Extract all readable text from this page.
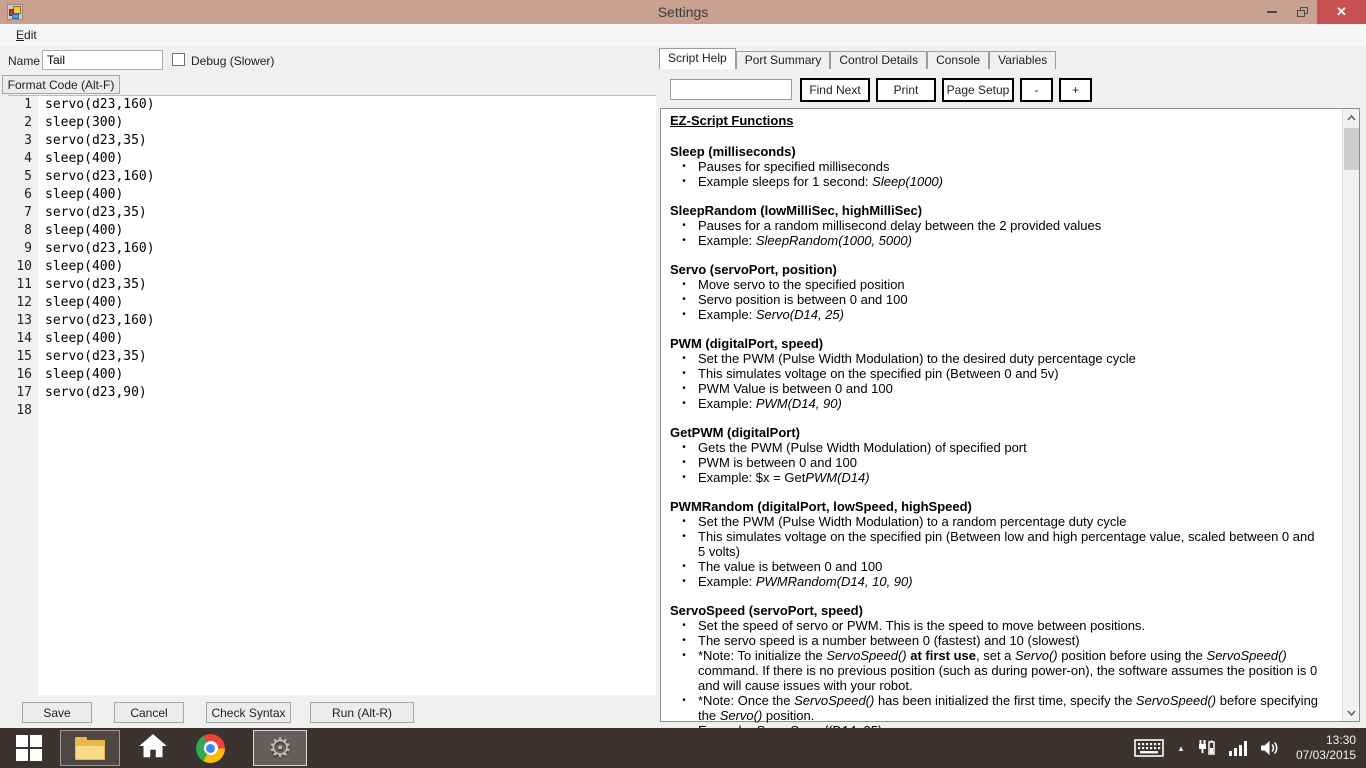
Settings	✕
Edit
Name
Tail	Debug (Slower)
Format Code (Alt-F)
1	servo(d23,160)
2	sleep(300)
3	servo(d23,35)
4	sleep(400)
5	servo(d23,160)
6	sleep(400)
7	servo(d23,35)
8	sleep(400)
9	servo(d23,160)
10	sleep(400)
11	servo(d23,35)
12	sleep(400)
13	servo(d23,160)
14	sleep(400)
15	servo(d23,35)
16	sleep(400)
17	servo(d23,90)
18
Save	Cancel	Check Syntax	Run (Alt-R)
Script Help	Port Summary	Control Details	Console	Variables
Find Next	Print	Page Setup	-	+
EZ-Script Functions
Sleep (milliseconds)
• Pauses for specified milliseconds
• Example sleeps for 1 second: Sleep(1000)
SleepRandom (lowMilliSec, highMilliSec)
• Pauses for a random millisecond delay between the 2 provided values
• Example: SleepRandom(1000, 5000)
Servo (servoPort, position)
• Move servo to the specified position
• Servo position is between 0 and 100
• Example: Servo(D14, 25)
PWM (digitalPort, speed)
• Set the PWM (Pulse Width Modulation) to the desired duty percentage cycle
• This simulates voltage on the specified pin (Between 0 and 5v)
• PWM Value is between 0 and 100
• Example: PWM(D14, 90)
GetPWM (digitalPort)
• Gets the PWM (Pulse Width Modulation) of specified port
• PWM is between 0 and 100
• Example: $x = GetPWM(D14)
PWMRandom (digitalPort, lowSpeed, highSpeed)
• Set the PWM (Pulse Width Modulation) to a random percentage duty cycle
• This simulates voltage on the specified pin (Between low and high percentage value, scaled between 0 and 5 volts)
• The value is between 0 and 100
• Example: PWMRandom(D14, 10, 90)
ServoSpeed (servoPort, speed)
• Set the speed of servo or PWM. This is the speed to move between positions.
• The servo speed is a number between 0 (fastest) and 10 (slowest)
• *Note: To initialize the ServoSpeed() at first use, set a Servo() position before using the ServoSpeed() command. If there is no previous position (such as during power-on), the software assumes the position is 0 and will cause issues with your robot.
• *Note: Once the ServoSpeed() has been initialized the first time, specify the ServoSpeed() before specifying the Servo() position.
⚙	▲
13:30
07/03/2015
